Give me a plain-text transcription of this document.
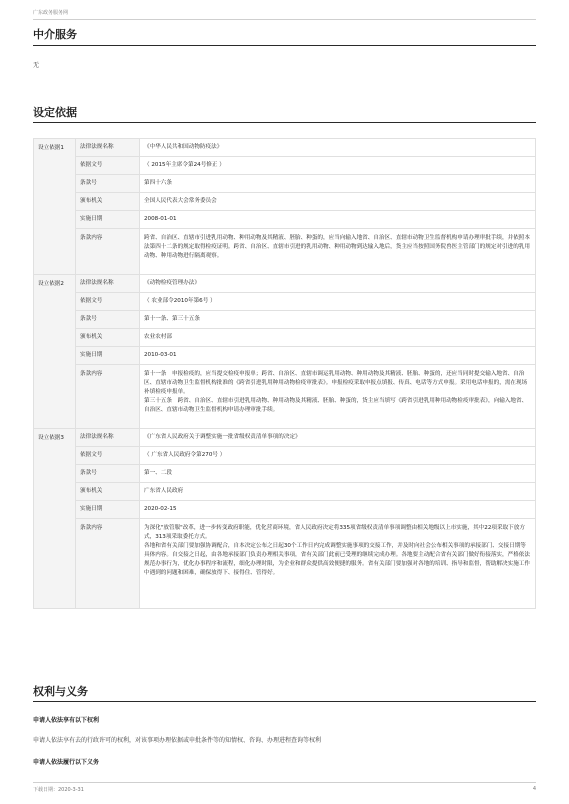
广东政务服务网
中介服务
无
设定依据
设立依据1	法律法规名称	《中华人民共和国动物防疫法》
	依据文号	（ 2015年主席令第24号修正 ）
	条款号	第四十六条
	颁布机关	全国人民代表大会常务委员会
	实施日期	2008-01-01
	条款内容	跨省、自治区、直辖市引进乳用动物、种用动物及其精液、胚胎、种蛋的，应当向输入地省、自治区、直辖市动物卫生监督机构申请办理审批手续，并依照本法第四十二条的规定取得检疫证明。跨省、自治区、直辖市引进的乳用动物、种用动物到达输入地后，货主应当按照国务院兽医主管部门的规定对引进的乳用动物、种用动物进行隔离观察。
设立依据2	法律法规名称	《动物检疫管理办法》
	依据文号	（ 农业部令2010年第6号 ）
	条款号	第十一条、第三十五条
	颁布机关	农业农村部
	实施日期	2010-03-01
	条款内容	第十一条　申报检疫的，应当提交检疫申报单；跨省、自治区、直辖市调运乳用动物、种用动物及其精液、胚胎、种蛋的，还应当同时提交输入地省、自治区、直辖市动物卫生监督机构批准的《跨省引进乳用种用动物检疫审批表》。申报检疫采取申报点填报、传真、电话等方式申报。采用电话申报的，需在现场补填检疫申报单。
第三十五条　跨省、自治区、直辖市引进乳用动物、种用动物及其精液、胚胎、种蛋的，货主应当填写《跨省引进乳用种用动物检疫审批表》，向输入地省、自治区、直辖市动物卫生监督机构申请办理审批手续。
设立依据3	法律法规名称	《广东省人民政府关于调整实施一批省级权责清单事项的决定》
	依据文号	（ 广东省人民政府令第270号 ）
	条款号	第一、二段
	颁布机关	广东省人民政府
	实施日期	2020-02-15
	条款内容	为深化"放管服"改革，进一步转变政府职能，优化营商环境，省人民政府决定将335项省级权责清单事项调整由相关地级以上市实施，其中22项采取下放方式，313项采取委托方式。
各地和省有关部门要加强协调配合，自本决定公布之日起30个工作日内完成调整实施事项的交接工作，并及时向社会公布相关事项的承接部门、交接日期等具体内容。自交接之日起，由各地承接部门负责办理相关事项，省有关部门此前已受理的继续完成办理。各地要主动配合省有关部门做好衔接落实，严格依法规范办事行为，优化办事程序和流程，细化办理时限，为企业和群众提供高效便捷的服务。省有关部门要加强对各地的培训、指导和监督，帮助解决实施工作中遇到的问题和困难，确保放得下、接得住、管得好。
权利与义务
申请人依法享有以下权利
申请人依法享有去的行政许可的权利，对该事项办理依据或申批条件等的知情权、咨询、办理进程查询等权利
申请人依法履行以下义务
下载日期：2020-3-31	4
